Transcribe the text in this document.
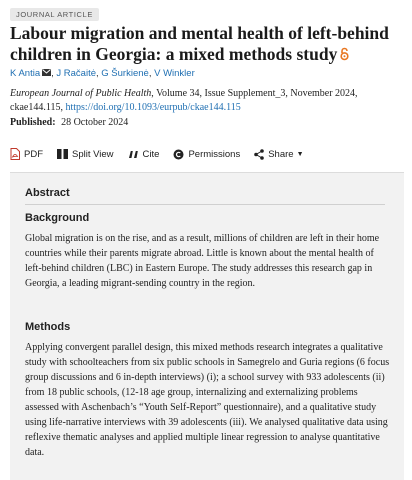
JOURNAL ARTICLE
Labour migration and mental health of left-behind children in Georgia: a mixed methods study
K Antia , J Račaitė, G Šurkienė, V Winkler
European Journal of Public Health, Volume 34, Issue Supplement_3, November 2024, ckae144.115, https://doi.org/10.1093/eurpub/ckae144.115
Published: 28 October 2024
PDF	Split View	Cite	Permissions	Share ▼
Abstract
Background

Global migration is on the rise, and as a result, millions of children are left in their home countries while their parents migrate abroad. Little is known about the mental health of left-behind children (LBC) in Eastern Europe. The study addresses this research gap in Georgia, a leading migrant-sending country in the region.

Methods

Applying convergent parallel design, this mixed methods research integrates a qualitative study with schoolteachers from six public schools in Samegrelo and Guria regions (6 focus group discussions and 6 in-depth interviews) (i); a school survey with 933 adolescents (ii) from 18 public schools, (12-18 age group, internalizing and externalizing problems assessed with Aschenbach’s “Youth Self-Report” questionnaire), and a qualitative study using life-narrative interviews with 39 adolescents (iii). We analysed qualitative data using reflexive thematic analyses and applied multiple linear regression to analyse quantitative data.
